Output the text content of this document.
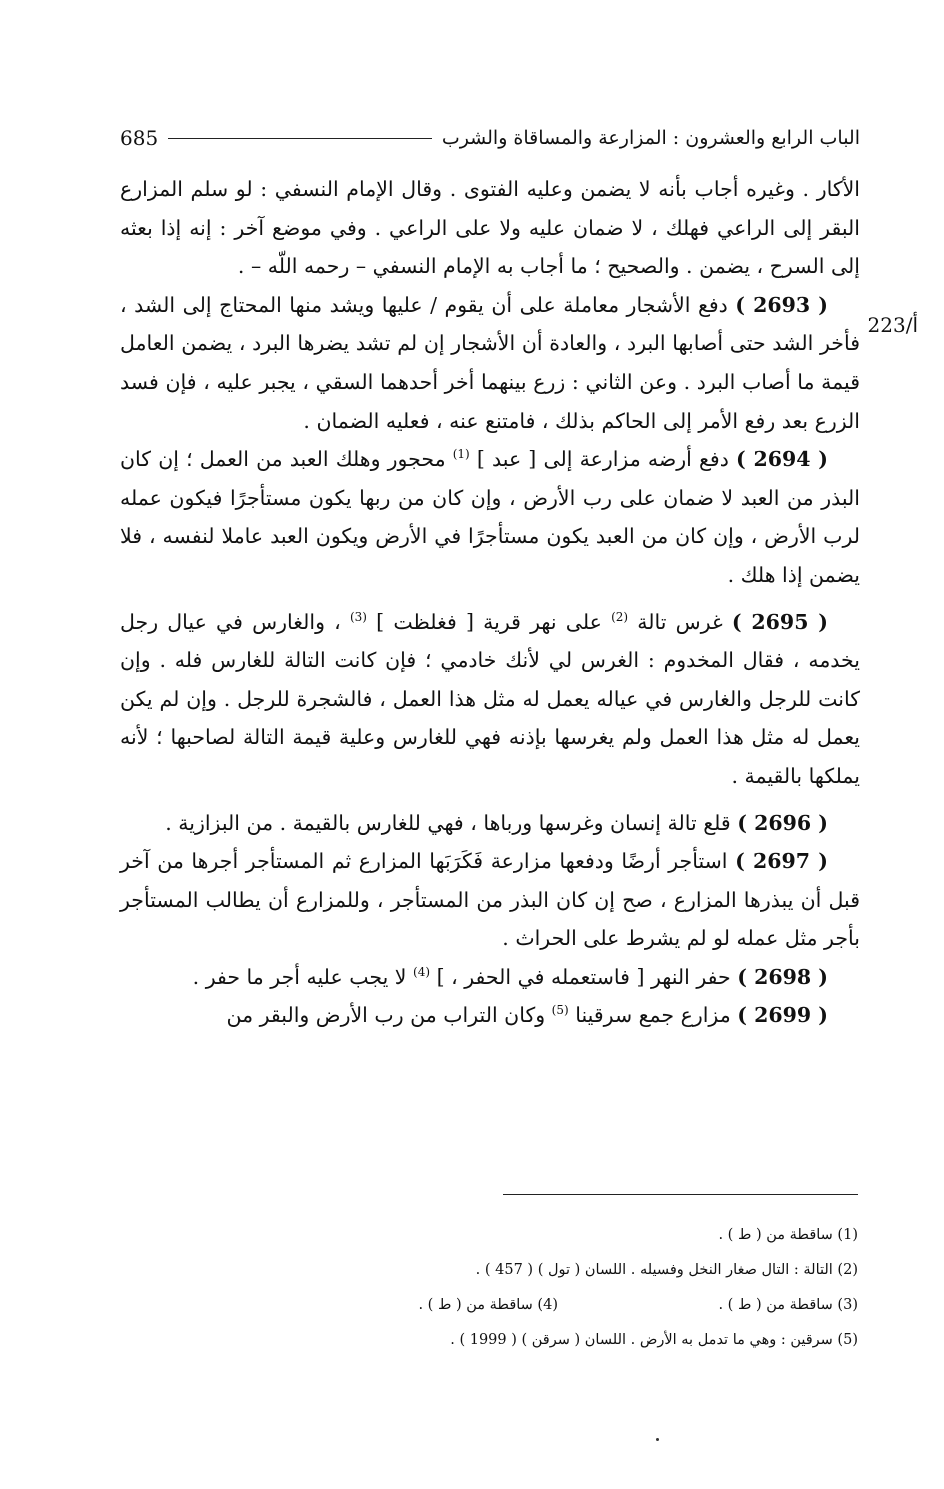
الباب الرابع والعشرون : المزارعة والمساقاة والشرب
685
223/أ

الأكار . وغيره أجاب بأنه لا يضمن وعليه الفتوى . وقال الإمام النسفي : لو سلم المزارع البقر إلى الراعي فهلك ، لا ضمان عليه ولا على الراعي . وفي موضع آخر : إنه إذا بعثه إلى السرح ، يضمن . والصحيح ؛ ما أجاب به الإمام النسفي – رحمه اللّه – .

( 2693 ) دفع الأشجار معاملة على أن يقوم / عليها ويشد منها المحتاج إلى الشد ، فأخر الشد حتى أصابها البرد ، والعادة أن الأشجار إن لم تشد يضرها البرد ، يضمن العامل قيمة ما أصاب البرد . وعن الثاني : زرع بينهما أخر أحدهما السقي ، يجبر عليه ، فإن فسد الزرع بعد رفع الأمر إلى الحاكم بذلك ، فامتنع عنه ، فعليه الضمان .

( 2694 ) دفع أرضه مزارعة إلى [ عبد ] $^{(1)}$ محجور وهلك العبد من العمل ؛ إن كان البذر من العبد لا ضمان على رب الأرض ، وإن كان من ربها يكون مستأجرًا فيكون عمله لرب الأرض ، وإن كان من العبد يكون مستأجرًا في الأرض ويكون العبد عاملا لنفسه ، فلا يضمن إذا هلك .

( 2695 ) غرس تالة $^{(2)}$ على نهر قرية [ فغلظت ] $^{(3)}$ ، والغارس في عيال رجل يخدمه ، فقال المخدوم : الغرس لي لأنك خادمي ؛ فإن كانت التالة للغارس فله . وإن كانت للرجل والغارس في عياله يعمل له مثل هذا العمل ، فالشجرة للرجل . وإن لم يكن يعمل له مثل هذا العمل ولم يغرسها بإذنه فهي للغارس وعلية قيمة التالة لصاحبها ؛ لأنه يملكها بالقيمة .

( 2696 ) قلع تالة إنسان وغرسها ورباها ، فهي للغارس بالقيمة . من البزازية .

( 2697 ) استأجر أرضًا ودفعها مزارعة فَكَرَبَها المزارع ثم المستأجر أجرها من آخر قبل أن يبذرها المزارع ، صح إن كان البذر من المستأجر ، وللمزارع أن يطالب المستأجر بأجر مثل عمله لو لم يشرط على الحراث .

( 2698 ) حفر النهر [ فاستعمله في الحفر ، ] $^{(4)}$ لا يجب عليه أجر ما حفر .

( 2699 ) مزارع جمع سرقينا $^{(5)}$ وكان التراب من رب الأرض والبقر من

(1) ساقطة من ( ط ) .
(2) التالة : التال صغار النخل وفسيله . اللسان ( تول ) ( 457 ) .
(3) ساقطة من ( ط ) .
(4) ساقطة من ( ط ) .
(5) سرقين : وهي ما تدمل به الأرض . اللسان ( سرقن ) ( 1999 ) .
